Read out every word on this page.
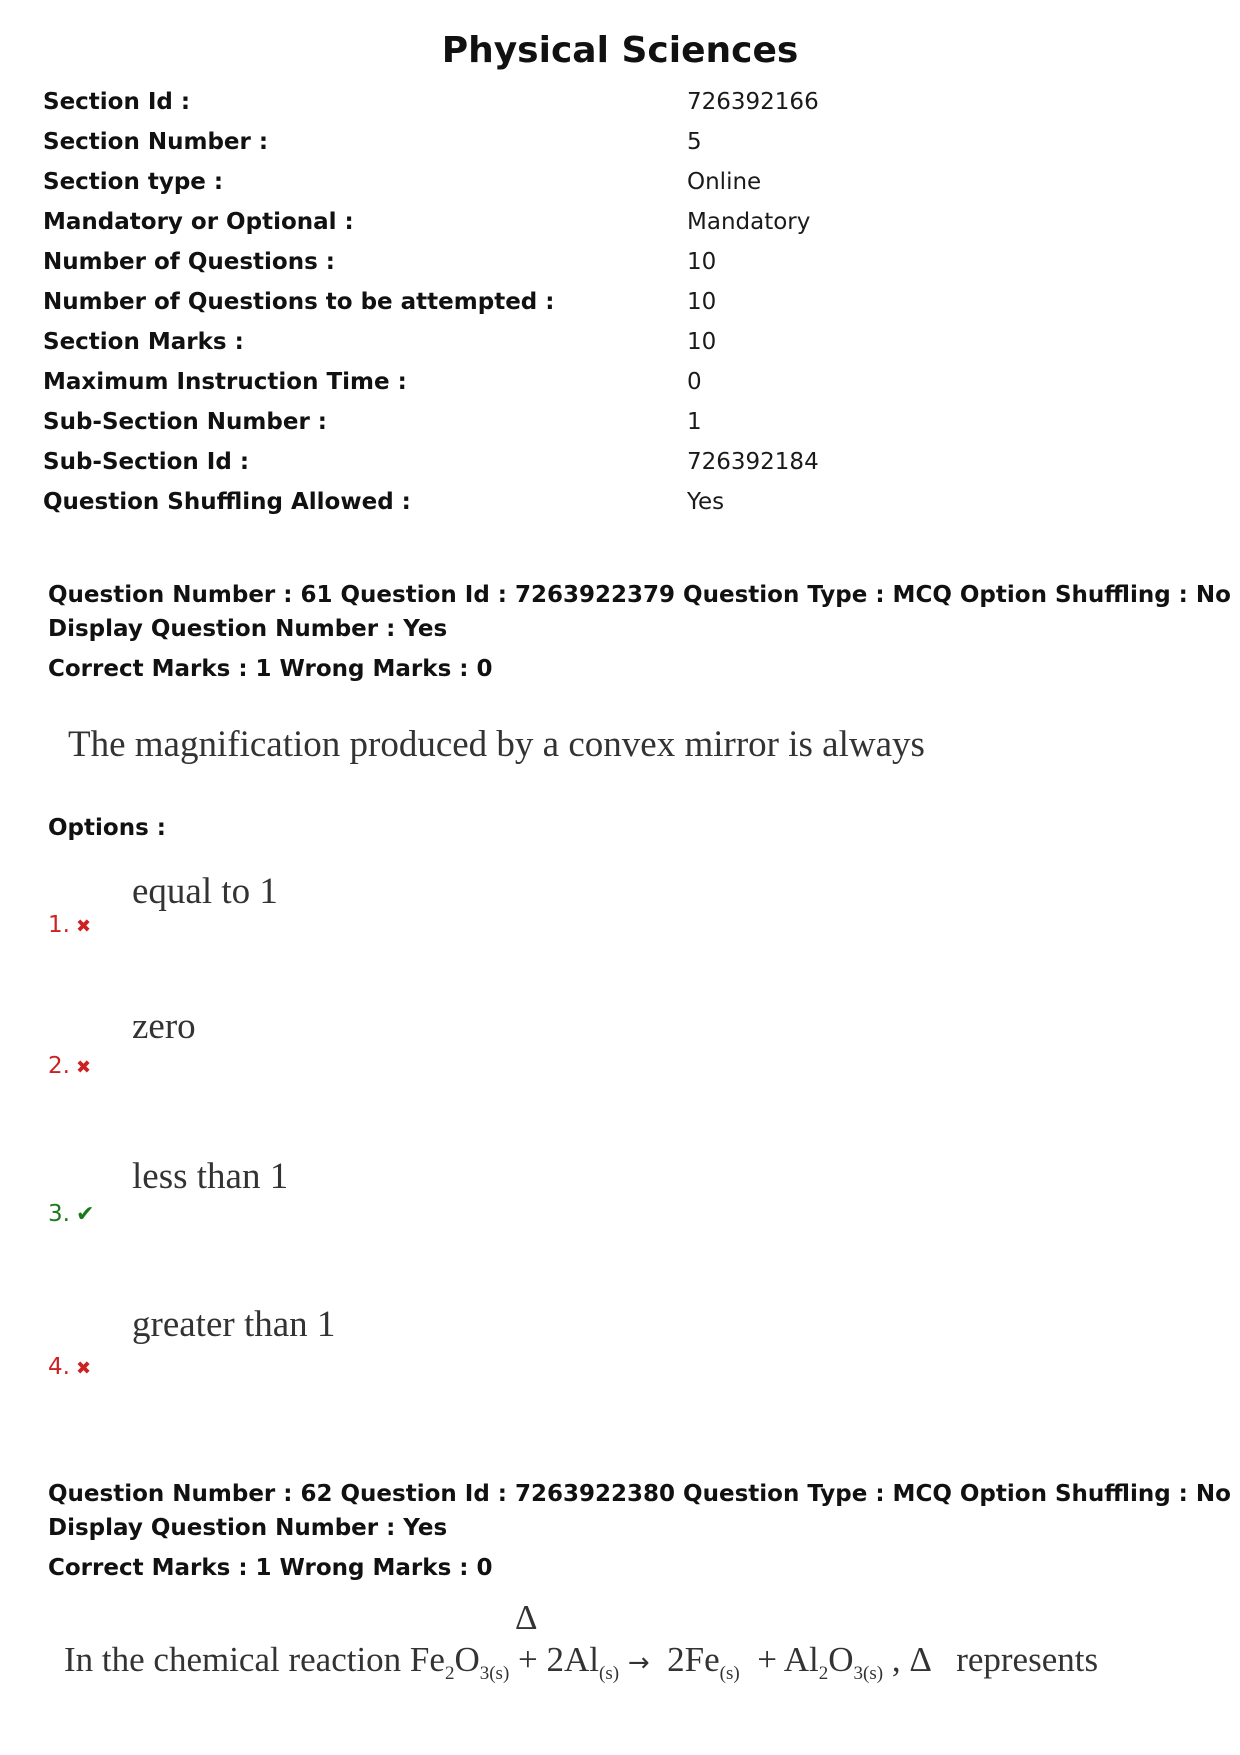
Physical Sciences
Section Id :	726392166
Section Number :	5
Section type :	Online
Mandatory or Optional :	Mandatory
Number of Questions :	10
Number of Questions to be attempted :	10
Section Marks :	10
Maximum Instruction Time :	0
Sub-Section Number :	1
Sub-Section Id :	726392184
Question Shuffling Allowed :	Yes
Question Number : 61 Question Id : 7263922379 Question Type : MCQ Option Shuffling : No
Display Question Number : Yes
Correct Marks : 1 Wrong Marks : 0
The magnification produced by a convex mirror is always
Options :
1. ✖
equal to 1
2. ✖
zero
3. ✔
less than 1
4. ✖
greater than 1
Question Number : 62 Question Id : 7263922380 Question Type : MCQ Option Shuffling : No
Display Question Number : Yes
Correct Marks : 1 Wrong Marks : 0
Δ
In the chemical reaction $Fe_2O_{3(s)} + 2Al_{(s)} \to 2Fe_{(s)} + Al_2O_{3(s)}$ , Δ   represents
